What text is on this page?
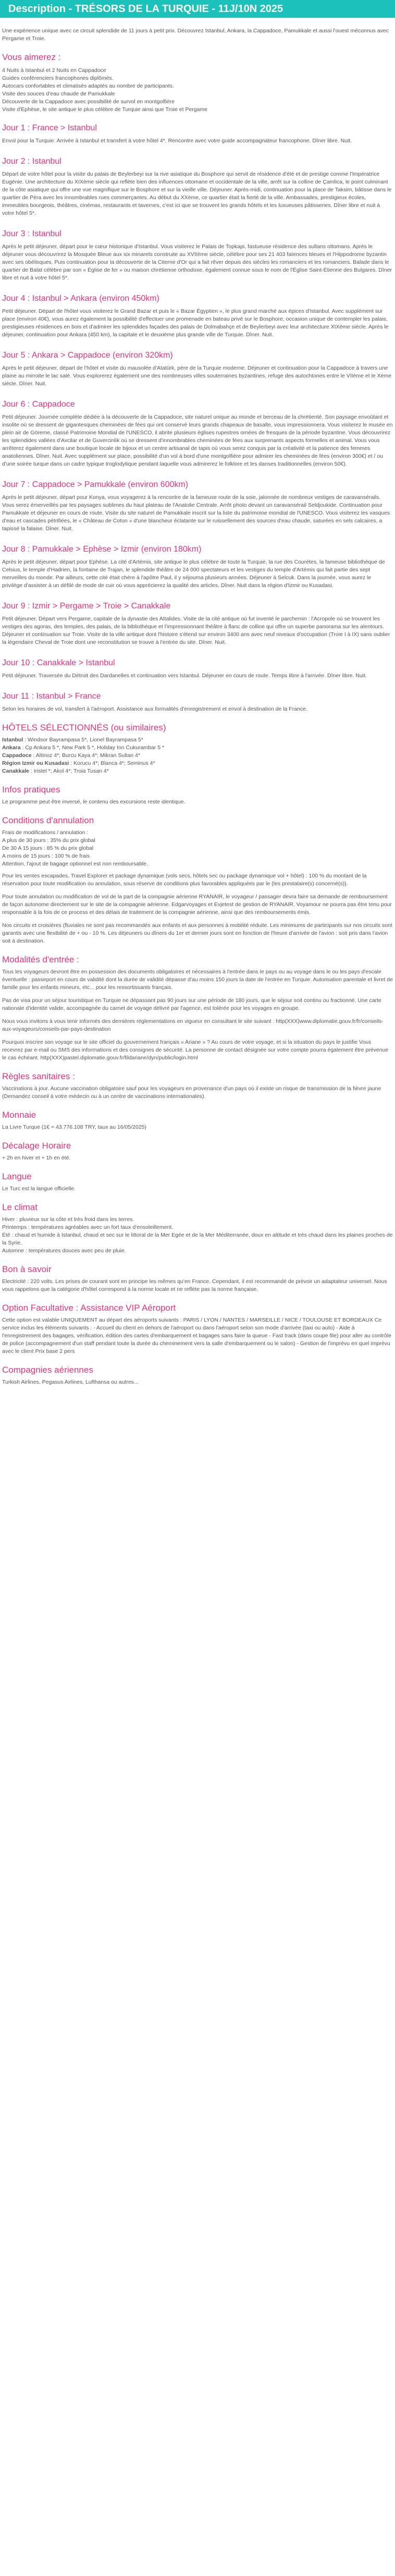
Description - TRÉSORS DE LA TURQUIE - 11J/10N 2025

Une expérience unique avec ce circuit splendide de 11 jours à petit prix. Découvrez Istanbul, Ankara, la Cappadoce, Pamukkale et aussi l'ouest méconnus avec Pergame et Troie.

Vous aimerez :
4 Nuits à Istanbul et 2 Nuits en Cappadoce
Guides conférenciers francophones diplômés.
Autocars confortables et climatisés adaptés au nombre de participants.
Visite des souces d'eau chaude de Pamukkale
Découverte de la Cappadoce avec possibilité de survol en montgolfière
Visite d'Ephèse, le site antique le plus célèbre de Turquie ainsi que Troie et Pergame
Jour 1 : France > Istanbul

Envol pour la Turquie. Arrivée à Istanbul et transfert à votre hôtel 4*. Rencontre avec votre guide accompagnateur francophone. Dîner libre. Nuit.

Jour 2 : Istanbul

Départ de votre hôtel pour la visite du palais de Beylerbeyi sur la rive asiatique du Bosphore qui servit de résidence d'été et de prestige comme l'Impératrice Eugénie. Une architecture du XIXème siècle qui reflète bien des influences ottomane et occidentale de la ville, arrêt sur la colline de Çamlica, le point culminant de la côte asiatique qui offre une vue magnifique sur le Bosphore et sur la vieille ville. Déjeuner. Après-midi, continuation pour la place de Taksim, bâtisse dans le quartier de Péra avec les innombrables rues commerçantes. Au début du XXème, ce quartier était la fierté de la ville. Ambassades, prestigieux écoles, immeubles bourgeois, théâtres, cinémas, restaurants et tavernes, c'est ici que se trouvent les grands hôtels et les luxueuses pâtisseries. Dîner libre et nuit à votre hôtel 5*.

Jour 3 : Istanbul

Après le petit déjeuner, départ pour le cœur historique d'Istanbul. Vous visiterez le Palais de Topkapi, fastueuse résidence des sultans ottomans. Après le déjeuner vous découvrirez la Mosquée Bleue aux six minarets construite au XVIIème siècle, célèbre pour ses 21 403 faïences bleues et l'Hippodrome byzantin avec ses obélisques. Puis continuation pour la découverte de la Citerne d'Or qui a fait rêver depuis des siècles les romanciers et les romanciers. Balade dans le quartier de Balat célèbre par son « Église de fer » ou maison chrétienne orthodoxe, également connue sous le nom de l'Église Saint-Étienne des Bulgares. Dîner libre et nuit à votre hôtel 5*.

Jour 4 : Istanbul > Ankara (environ 450km)

Petit déjeuner. Départ de l'hôtel vous visiterez le Grand Bazar et puis le « Bazar Égyptien », le plus grand marché aux épices d'Istanbul. Avec supplément sur place (environ 40€), vous aurez également la possibilité d'effectuer une promenade en bateau privé sur le Bosphore, occasion unique de contempler les palais, prestigieuses résidences en bois et d'admirer les splendides façades des palais de Dolmabahçe et de Beylerbeyi avec leur architecture XIXème siècle. Après le déjeuner, continuation pour Ankara (450 km), la capitale et le deuxième plus grande ville de Turquie. Dîner. Nuit.

Jour 5 : Ankara > Cappadoce (environ 320km)

Après le petit déjeuner, départ de l'hôtel et visite du mausolée d'Atatürk, père de la Turquie moderne. Déjeuner et continuation pour la Cappadoce à travers une plaine au mirroite le lac salé. Vous explorerez également une des nombreuses villes souterraines byzantines, refuge des autochtones entre le VIIème et le Xème siècle. Dîner. Nuit.

Jour 6 : Cappadoce

Petit déjeuner. Journée complète dédiée à la découverte de la Cappadoce, site naturel unique au monde et berceau de la chrétienté. Son paysage envoûtant et insolite où se dressent de gigantesques cheminées de fées qui ont conservé leurs grands chapeaux de basalte, vous impressionnera. Vous visiterez le musée en plein air de Göreme, classé Patrimoine Mondial de l'UNESCO, il abrite plusieurs églises rupestres ornées de fresques de la période byzantine. Vous découvrirez les splendides vallées d'Avcilar et de Guvercinlik où se dressent d'innombrables cheminées de fées aux surprenants aspects formelles et animal. Vous vous arrêterez également dans une boutique locale de bijoux et un centre artisanal de tapis où vous serez conquis par la créativité et la patience des femmes anatoliennes. Dîner. Nuit. Avec supplément sur place, possibilité d'un vol à bord d'une montgolfière pour admirer les cheminées de fées (environ 300€) et / ou d'une soirée turque dans un cadre typique troglodytique pendant laquelle vous admirerez le folklore et les danses traditionnelles (environ 50€).

Jour 7 : Cappadoce > Pamukkale (environ 600km)

Après le petit déjeuner, départ pour Konya, vous voyagerez à la rencontre de la fameuse route de la soie, jalonnée de nombreux vestiges de caravansérails. Vous serez émerveillés par les paysages sublimes du haut plateau de l'Anatolie Centrale. Arrêt photo devant un caravansérail Seldjoukide. Continuation pour Pamukkale et déjeuner en cours de route. Visite du site naturel de Pamukkale inscrit sur la liste du patrimoine mondial de l'UNESCO. Vous visiterez les vasques d'eau et cascades pétrifiées, le « Château de Coton » d'une blancheur éclatante sur le ruissellement des sources d'eau chaude, saturées en sels calcaires, a tapissé la falaise. Dîner. Nuit.

Jour 8 : Pamukkale > Ephèse > Izmir (environ 180km)

Après le petit déjeuner, départ pour Ephèse. La cité d'Artémis, site antique le plus célèbre de toute la Turquie, la rue des Courètes, la fameuse bibliothèque de Celsius, le temple d'Hadrien, la fontaine de Trajan, le splendide théâtre de 24 000 spectateurs et les vestiges du temple d'Artémis qui fait partie des sept merveilles du monde. Par ailleurs, cette cité était chère à l'apôtre Paul, il y séjourna plusieurs années. Déjeuner à Selcuk. Dans la journée, vous aurez le privilège d'assister à un défilé de mode de cuir où vous apprécierez la qualité des articles. Dîner. Nuit dans la région d'Izmir ou Kusadasi.

Jour 9 : Izmir > Pergame > Troie > Canakkale

Petit déjeuner. Départ vers Pergame, capitale de la dynastie des Attalides. Visite de la cité antique où fut inventé le parchemin : l'Acropole où se trouvent les vestiges des agoras, des temples, des palais, de la bibliothèque et l'impressionnant théâtre à flanc de colline qui offre un superbe panorama sur les alentours. Déjeuner et continuation sur Troie. Visite de la ville antique dont l'histoire s'étend sur environ 3400 ans avec neuf niveaux d'occupation (Troie I à IX) sans oublier la légendaire Cheval de Troie dont une reconstitution se trouve à l'entrée du site. Dîner. Nuit.

Jour 10 : Canakkale > Istanbul

Petit déjeuner. Traversée du Détroit des Dardanelles et continuation vers Istanbul. Déjeuner en cours de route. Temps libre à l'arrivée. Dîner libre. Nuit.

Jour 11 : Istanbul > France

Selon les horaires de vol, transfert à l'aéroport. Assistance aux formalités d'enregistrement et envol à destination de la France.

HÔTELS SÉLECTIONNÉS (ou similaires)
Istanbul : Windsor Bayrampasa 5*, Lionel Bayrampasa 5*
Ankara : Cp Ankara 5 *, New Park 5 *, Holiday Inn Cukurambar 5 *
Cappadoce : Altinoz 4*; Burcu Kaya 4*; Mikran Sultan 4*
Région Izmir ou Kusadasi : Korucu 4*; Blanca 4*; Seminus 4*
Canakkale : Iristel *; Akol 4*; Troia Tusan 4*
Infos pratiques

Le programme peut être inversé, le contenu des excursions reste identique.

Conditions d'annulation
Frais de modifications / annulation :
A plus de 30 jours : 35% du prix global
De 30 A 15 jours : 85 % du prix global
A moins de 15 jours : 100 % de frais
Attention, l'ajout de bagage optionnel est non remboursable.

Pour les ventes escapades, Travel Explorer et package dynamique (vols secs, hôtels sec ou package dynamique vol + hôtel) : 100 % du montant de la réservation pour toute modification ou annulation, sous réserve de conditions plus favorables appliquées par le (les prestataire(s) concerné(s)).

Pour toute annulation ou modification de vol de la part de la compagnie aérienne RYANAIR, le voyageur / passager devra faire sa demande de remboursement de façon autonome directement sur le site de la compagnie aérienne. Edgarvoyages et Evjetest de gestion de RYANAIR. Voyamour ne pourra pas être tenu pour responsable à la fois de ce process et des délais de traitement de la compagnie aérienne, ainsi que des remboursements émis.

Nos circuits et croisières (fluviales ne sont pas recommandés aux enfants et aux personnes à mobilité réduite. Les minimums de participants sur nos circuits sont garantis avec une flexibilité de + ou - 10 %. Les déjeuners ou dîners du 1er et dernier jours sont en fonction de l'heure d'arrivée de l'avion : soit pris dans l'avion soit à destination.

Modalités d'entrée :

Tous les voyageurs devront être en possession des documents obligatoires et nécessaires à l'entrée dans le pays ou au voyage dans le ou les pays d'escale éventuelle : passeport en cours de validité dont la durée de validité dépasse d'au moins 150 jours la date de l'entrée en Turquie. Autorisation parentale et livret de famille pour les enfants mineurs, etc... pour les ressortissants français.

Pas de visa pour un séjour touristique en Turquie ne dépassant pas 90 jours sur une période de 180 jours, que le séjour soit continu ou fractionné. Une carte nationale d'identité valide, accompagnée du carnet de voyage délivré par l'agence, est tolérée pour les voyages en groupe.

Nous vous invitons à vous tenir informés des dernières réglementations en vigueur en consultant le site suivant : http(XXX)www.diplomatie.gouv.fr/fr/conseils-aux-voyageurs/conseils-par-pays-destination

Pourquoi inscrire son voyage sur le site officiel du gouvernement français « Ariane » ? Au cours de votre voyage, et si la situation du pays le justifie Vous recevrez par e-mail ou SMS des informations et des consignes de sécurité. La personne de contact désignée sur votre compte pourra également être prévenue le cas échéant. http(XXX)pastel.diplomatie.gouv.fr/fildariane/dyn/public/login.html

Règles sanitaires :

Vaccinations à jour. Aucune vaccination obligatoire sauf pour les voyageurs en provenance d'un pays où il existe un risque de transmission de la fièvre jaune (Demandez conseil à votre médecin ou à un centre de vaccinations internationales).

Monnaie

La Livre Turque (1€ = 43.776.108 TRY, taux au 16/05/2025)

Décalage Horaire

+ 2h en hiver et + 1h en été.

Langue

Le Turc est la langue officielle.

Le climat
Hiver : pluvieux sur la côte et très froid dans les terres.
Printemps : températures agréables avec un fort taux d'ensoleillement.
Été : chaud et humide à Istanbul, chaud et sec sur le littoral de la Mer Egée et de la Mer Méditerranée, doux en altitude et très chaud dans les plaines proches de la Syrie.
Automne : températures douces avec peu de pluie.
Bon à savoir

Electricité : 220 volts. Les prises de courant sont en principe les mêmes qu'en France. Cependant, il est recommandé de prévoir un adaptateur universel. Nous vous rappelons que la catégorie d'hôtel correspond à la norme locale et ne reflète pas la norme française.

Option Facultative : Assistance VIP Aéroport

Cette option est valable UNIQUEMENT au départ des aéroports suivants : PARIS / LYON / NANTES / MARSEILLE / NICE / TOULOUSE ET BORDEAUX Ce service inclus les éléments suivants : - Accueil du client en dehors de l'aéroport ou dans l'aéroport selon son mode d'arrivée (taxi ou auto) - Aide à l'enregistrement des bagages, vérification, édition des cartes d'embarquement et bagages sans faire la queue - Fast track (dans coupe file) pour aller au contrôle de police (accompagnement d'un staff pendant toute la durée du cheminement vers la salle d'embarquement ou le salon) - Gestion de l'imprévu en quel imprévu avec le client Prix base 2 pers

Compagnies aériennes

Turkish Airlines, Pegasus Airlines, Lufthansa ou autres...
